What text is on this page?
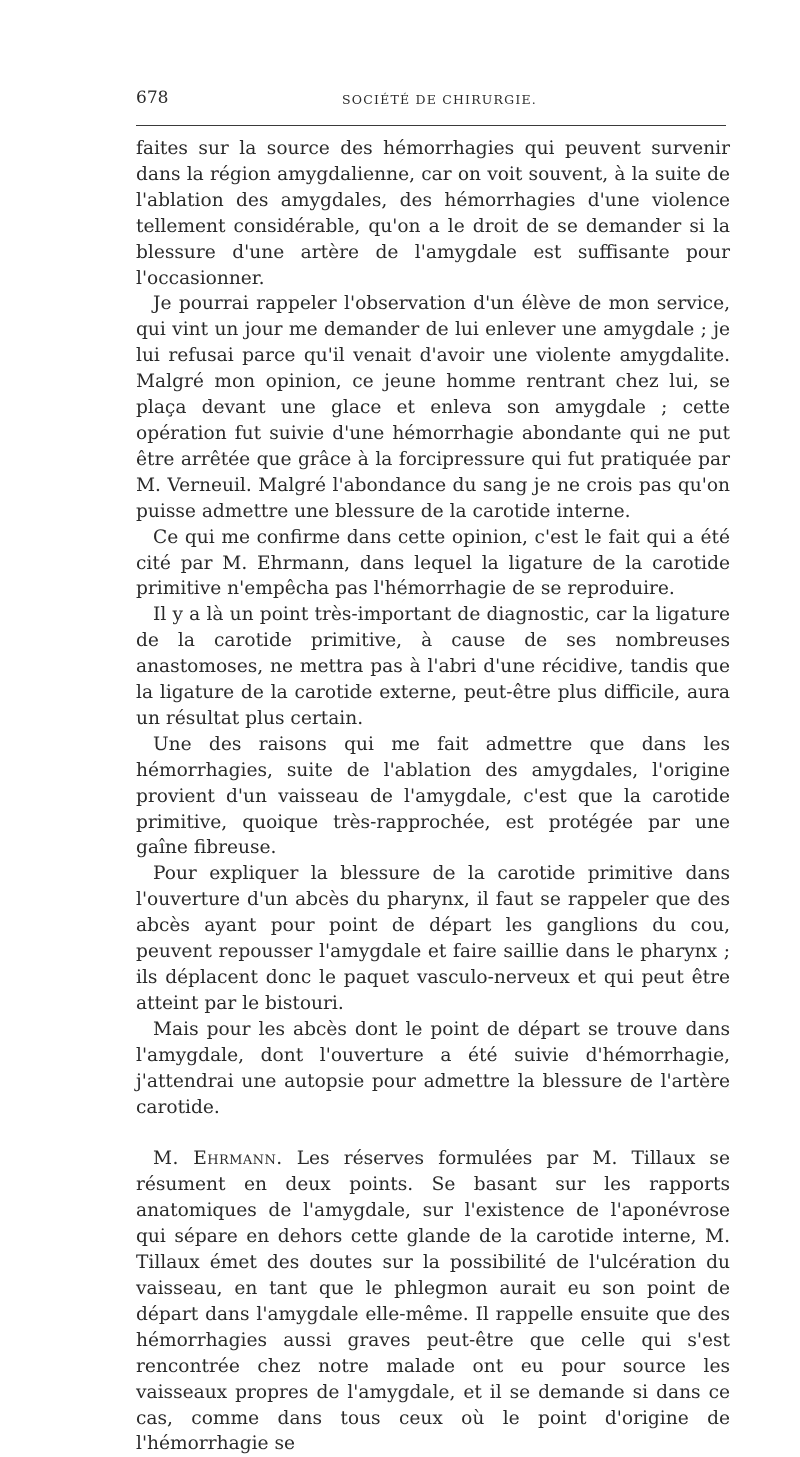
678	SOCIÉTÉ DE CHIRURGIE.

faites sur la source des hémorrhagies qui peuvent survenir dans la région amygdalienne, car on voit souvent, à la suite de l'ablation des amygdales, des hémorrhagies d'une violence tellement considérable, qu'on a le droit de se demander si la blessure d'une artère de l'amygdale est suffisante pour l'occasionner.

Je pourrai rappeler l'observation d'un élève de mon service, qui vint un jour me demander de lui enlever une amygdale ; je lui refusai parce qu'il venait d'avoir une violente amygdalite. Malgré mon opinion, ce jeune homme rentrant chez lui, se plaça devant une glace et enleva son amygdale ; cette opération fut suivie d'une hémorrhagie abondante qui ne put être arrêtée que grâce à la forcipressure qui fut pratiquée par M. Verneuil. Malgré l'abondance du sang je ne crois pas qu'on puisse admettre une blessure de la carotide interne.

Ce qui me confirme dans cette opinion, c'est le fait qui a été cité par M. Ehrmann, dans lequel la ligature de la carotide primitive n'empêcha pas l'hémorrhagie de se reproduire.

Il y a là un point très-important de diagnostic, car la ligature de la carotide primitive, à cause de ses nombreuses anastomoses, ne mettra pas à l'abri d'une récidive, tandis que la ligature de la carotide externe, peut-être plus difficile, aura un résultat plus certain.

Une des raisons qui me fait admettre que dans les hémorrhagies, suite de l'ablation des amygdales, l'origine provient d'un vaisseau de l'amygdale, c'est que la carotide primitive, quoique très-rapprochée, est protégée par une gaîne fibreuse.

Pour expliquer la blessure de la carotide primitive dans l'ouverture d'un abcès du pharynx, il faut se rappeler que des abcès ayant pour point de départ les ganglions du cou, peuvent repousser l'amygdale et faire saillie dans le pharynx ; ils déplacent donc le paquet vasculo-nerveux et qui peut être atteint par le bistouri.

Mais pour les abcès dont le point de départ se trouve dans l'amygdale, dont l'ouverture a été suivie d'hémorrhagie, j'attendrai une autopsie pour admettre la blessure de l'artère carotide.

M. Ehrmann. Les réserves formulées par M. Tillaux se résument en deux points. Se basant sur les rapports anatomiques de l'amygdale, sur l'existence de l'aponévrose qui sépare en dehors cette glande de la carotide interne, M. Tillaux émet des doutes sur la possibilité de l'ulcération du vaisseau, en tant que le phlegmon aurait eu son point de départ dans l'amygdale elle-même. Il rappelle ensuite que des hémorrhagies aussi graves peut-être que celle qui s'est rencontrée chez notre malade ont eu pour source les vaisseaux propres de l'amygdale, et il se demande si dans ce cas, comme dans tous ceux où le point d'origine de l'hémorrhagie se
